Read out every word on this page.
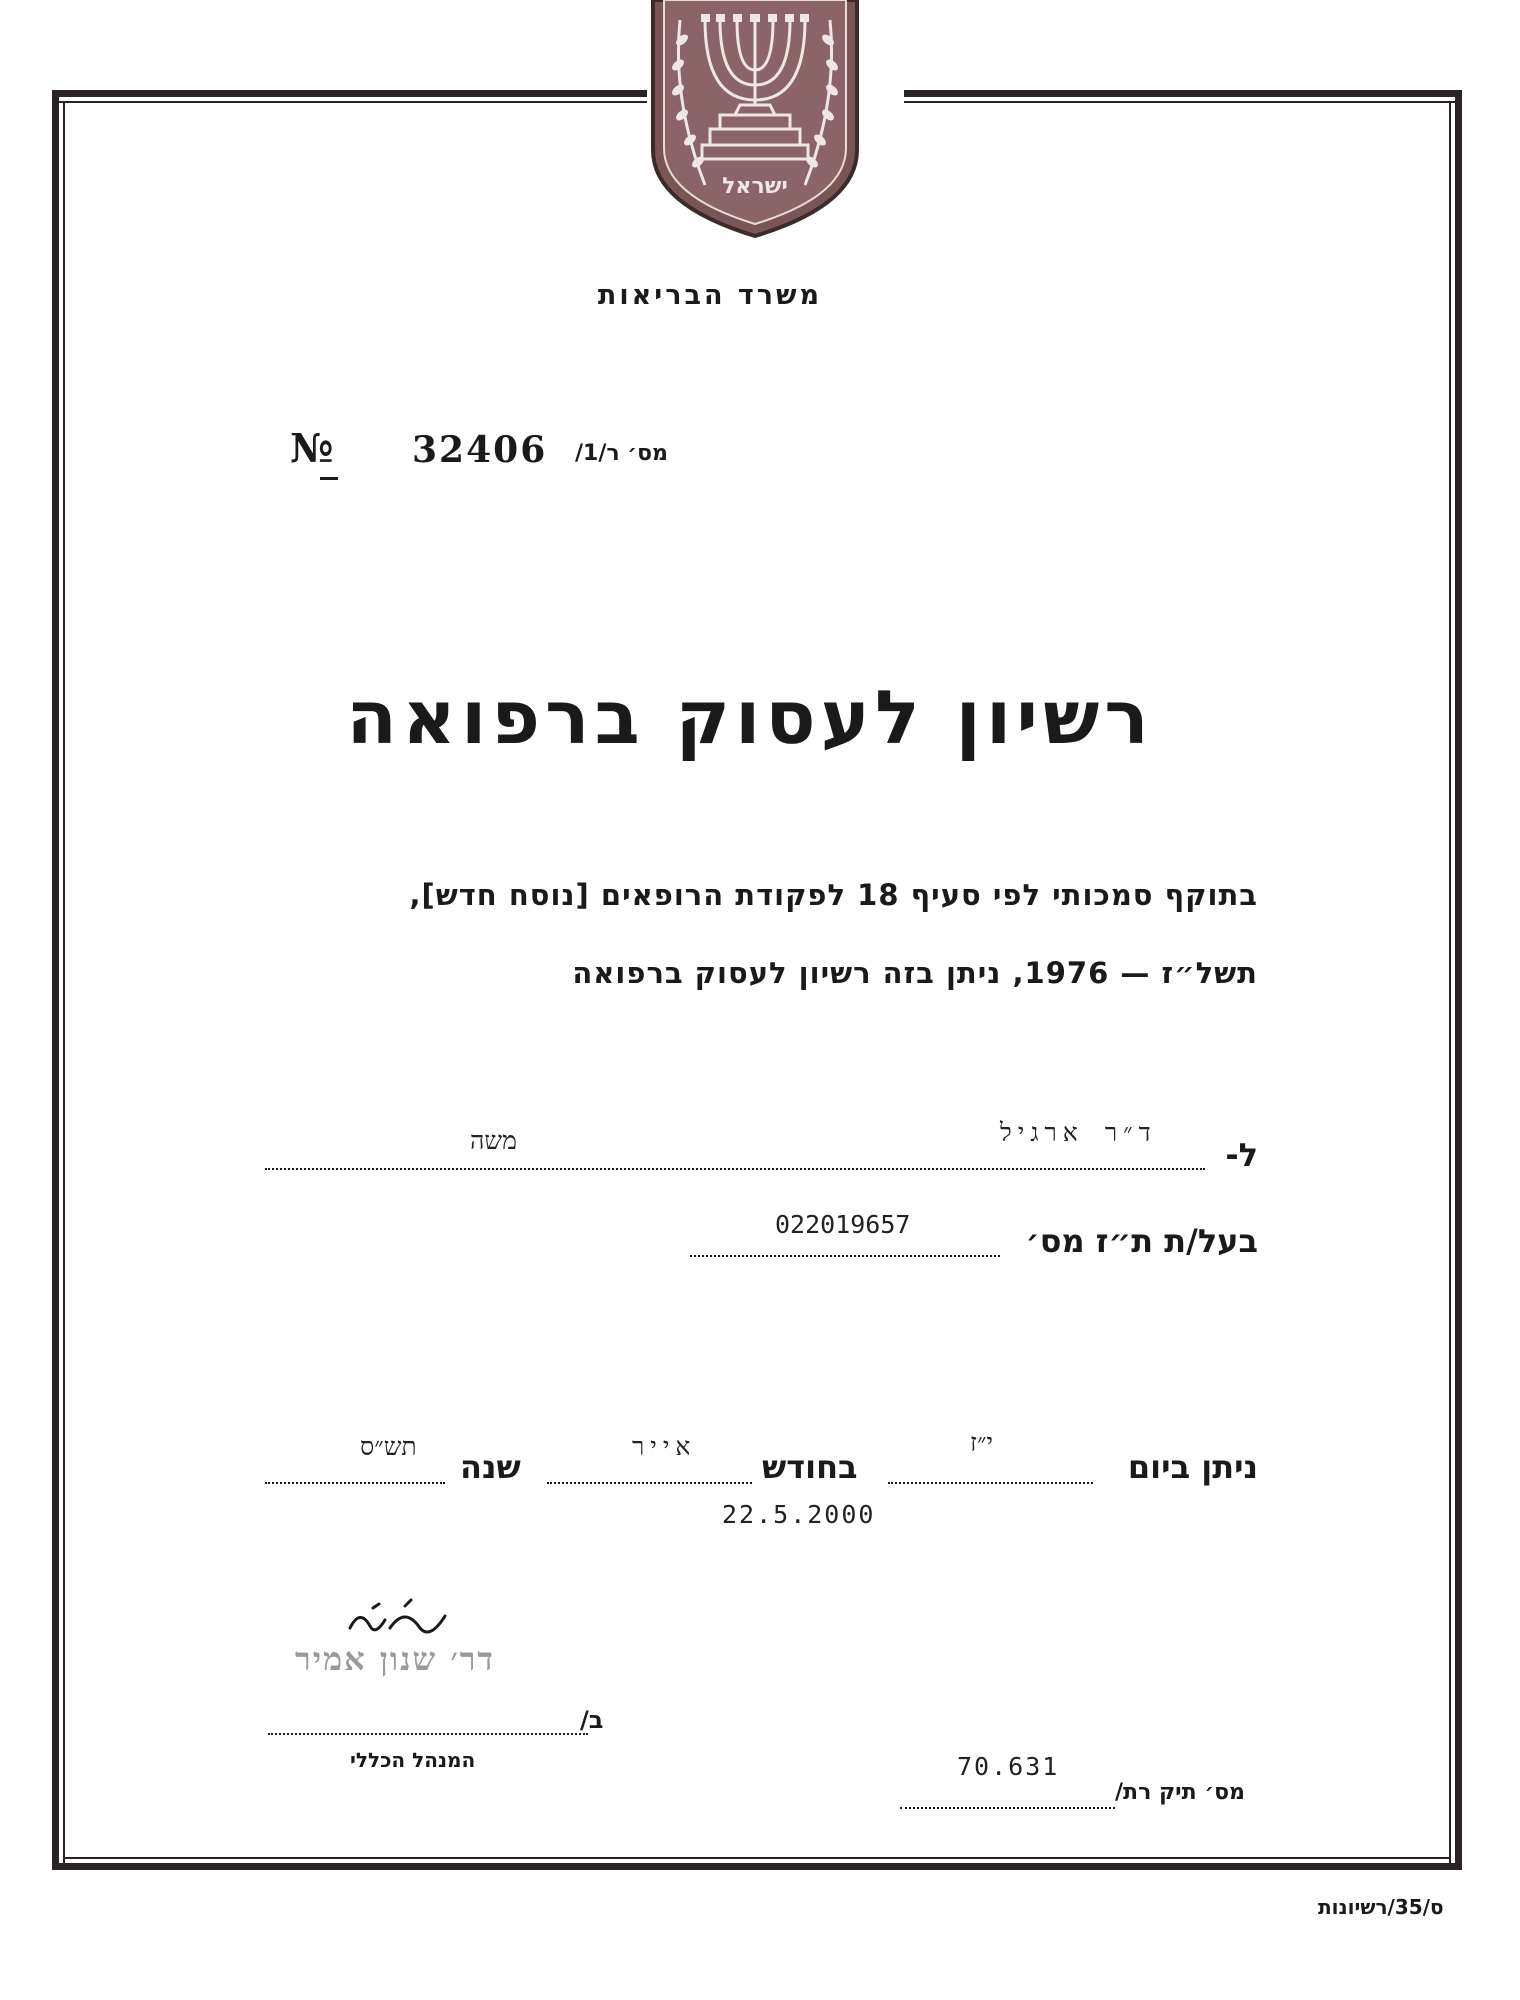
ישראל
משרד הבריאות
№ 32406 מס׳ ר/1/
רשיון לעסוק ברפואה
בתוקף סמכותי לפי סעיף 18 לפקודת הרופאים [נוסח חדש],
תשל״ז — 1976, ניתן בזה רשיון לעסוק ברפואה
ל-
ד״ר ארגיל
משה
בעל/ת ת״ז מס׳
022019657
ניתן ביום
י״ז
בחודש
אייר
שנה
תש״ס
22.5.2000
דר׳ שנון אמיר
ב/
המנהל הכללי	70.631
מס׳ תיק רת/
ס/35/רשיונות
